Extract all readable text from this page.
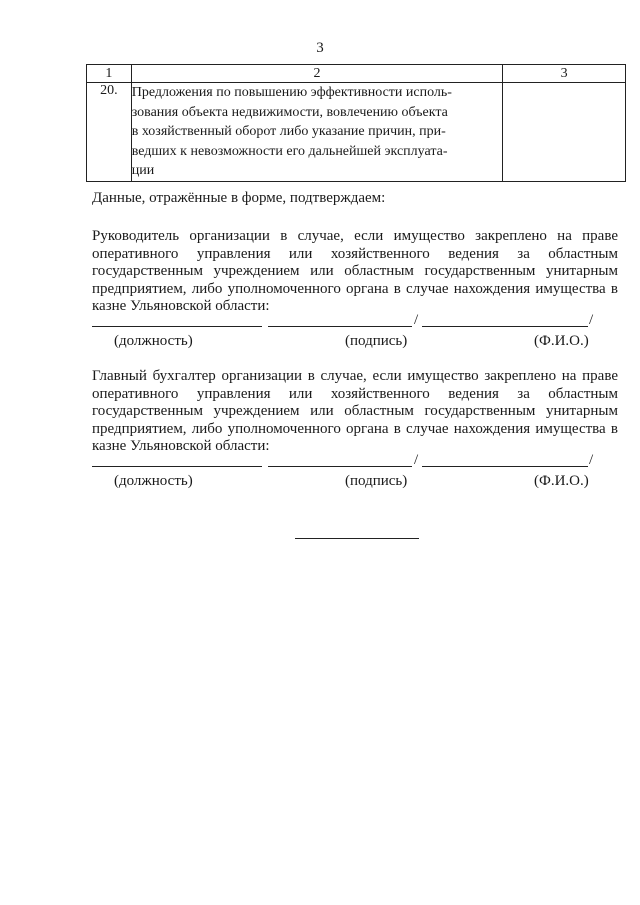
3
1	2	3
20.	Предложения по повышению эффективности исполь-
зования объекта недвижимости, вовлечению объекта
в хозяйственный оборот либо указание причин, при-
ведших к невозможности его дальнейшей эксплуата-
ции	

Данные, отражённые в форме, подтверждаем:
Руководитель организации в случае, если имущество закреплено на праве оперативного управления или хозяйственного ведения за областным государственным учреждением или областным государственным унитарным предприятием, либо уполномоченного органа в случае нахождения имущества в казне Ульяновской области:
/	/
(должность)	(подпись)	(Ф.И.О.)
Главный бухгалтер организации в случае, если имущество закреплено на праве оперативного управления или хозяйственного ведения за областным государственным учреждением или областным государственным унитарным предприятием, либо уполномоченного органа в случае нахождения имущества в казне Ульяновской области:
/	/
(должность)	(подпись)	(Ф.И.О.)
